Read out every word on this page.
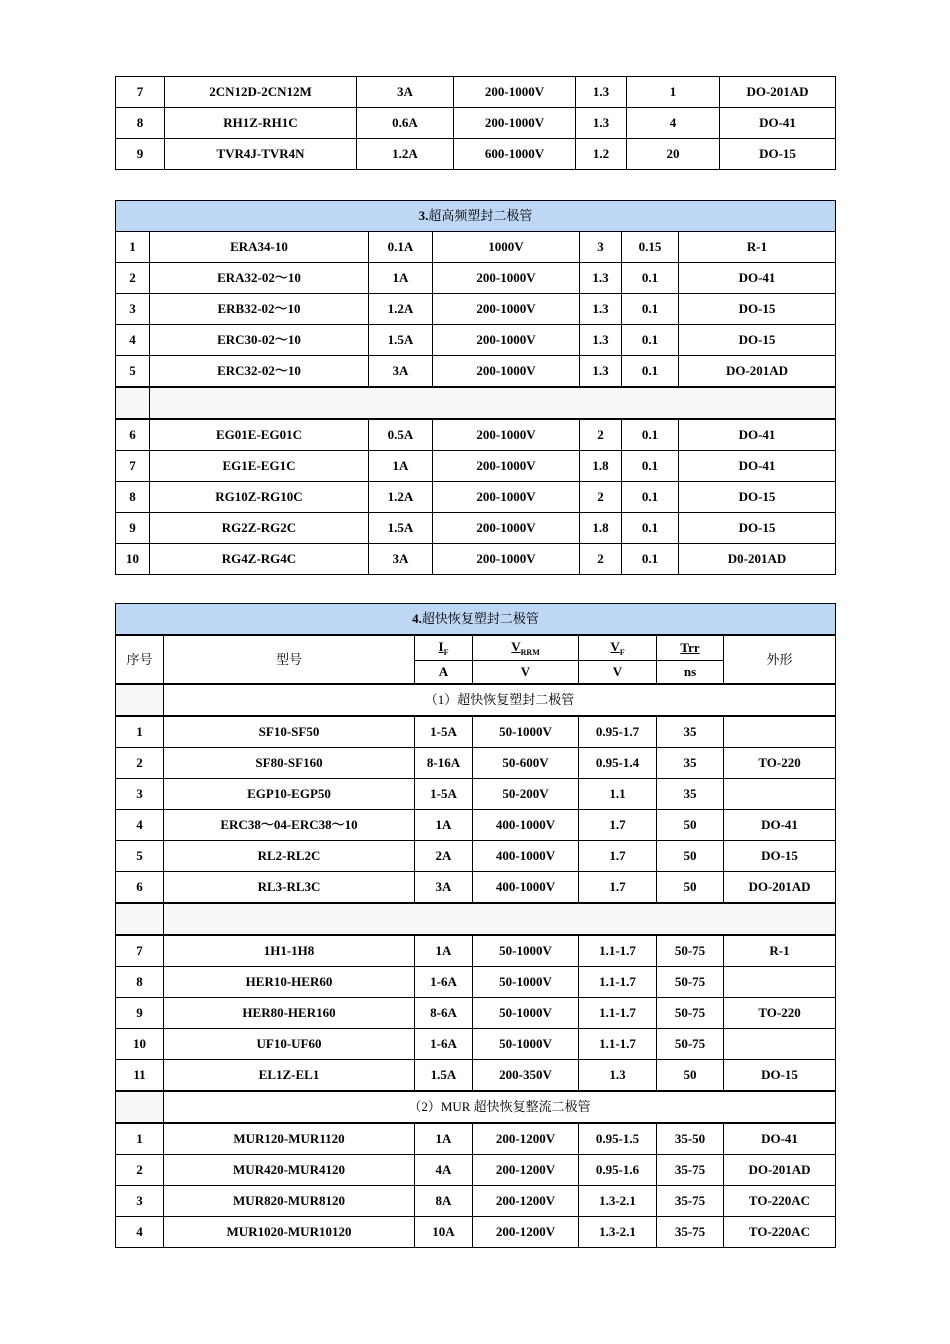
7	2CN12D-2CN12M	3A	200-1000V	1.3	1	DO-201AD
8	RH1Z-RH1C	0.6A	200-1000V	1.3	4	DO-41
9	TVR4J-TVR4N	1.2A	600-1000V	1.2	20	DO-15
3.超高频塑封二极管						
1	ERA34-10	0.1A	1000V	3	0.15	R-1
2	ERA32-02～10	1A	200-1000V	1.3	0.1	DO-41
3	ERB32-02～10	1.2A	200-1000V	1.3	0.1	DO-15
4	ERC30-02～10	1.5A	200-1000V	1.3	0.1	DO-15
5	ERC32-02～10	3A	200-1000V	1.3	0.1	DO-201AD

6	EG01E-EG01C	0.5A	200-1000V	2	0.1	DO-41
7	EG1E-EG1C	1A	200-1000V	1.8	0.1	DO-41
8	RG10Z-RG10C	1.2A	200-1000V	2	0.1	DO-15
9	RG2Z-RG2C	1.5A	200-1000V	1.8	0.1	DO-15
10	RG4Z-RG4C	3A	200-1000V	2	0.1	D0-201AD
4.超快恢复塑封二极管						
序号	型号	$I_F$	$V_{RRM}$	$V_F$	Trr	外形
		A	V	V	ns	
	（1）超快恢复塑封二极管					
1	SF10-SF50	1-5A	50-1000V	0.95-1.7	35	
2	SF80-SF160	8-16A	50-600V	0.95-1.4	35	TO-220
3	EGP10-EGP50	1-5A	50-200V	1.1	35	
4	ERC38～04-ERC38～10	1A	400-1000V	1.7	50	DO-41
5	RL2-RL2C	2A	400-1000V	1.7	50	DO-15
6	RL3-RL3C	3A	400-1000V	1.7	50	DO-201AD

7	1H1-1H8	1A	50-1000V	1.1-1.7	50-75	R-1
8	HER10-HER60	1-6A	50-1000V	1.1-1.7	50-75	
9	HER80-HER160	8-6A	50-1000V	1.1-1.7	50-75	TO-220
10	UF10-UF60	1-6A	50-1000V	1.1-1.7	50-75	
11	EL1Z-EL1	1.5A	200-350V	1.3	50	DO-15
	（2）MUR 超快恢复整流二极管					
1	MUR120-MUR1120	1A	200-1200V	0.95-1.5	35-50	DO-41
2	MUR420-MUR4120	4A	200-1200V	0.95-1.6	35-75	DO-201AD
3	MUR820-MUR8120	8A	200-1200V	1.3-2.1	35-75	TO-220AC
4	MUR1020-MUR10120	10A	200-1200V	1.3-2.1	35-75	TO-220AC
